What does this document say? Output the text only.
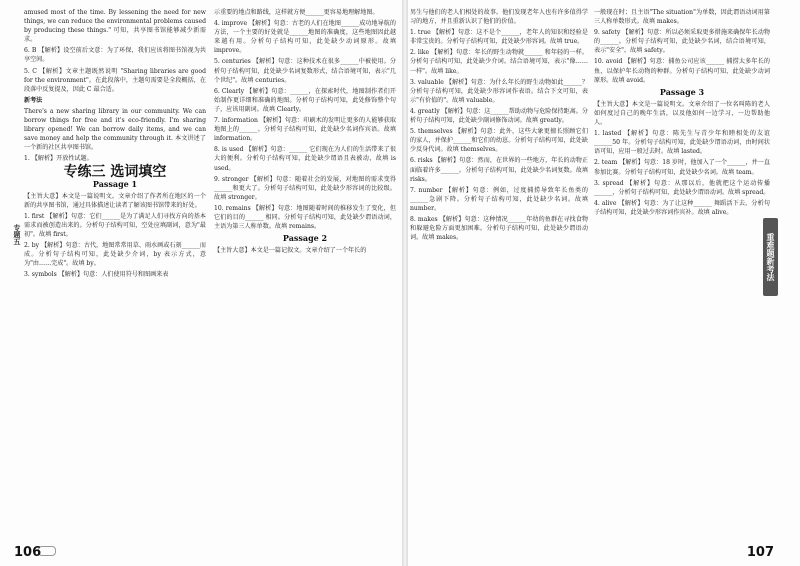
专题五

amused most of the time. By lessening the need for new things, we can reduce the environmental problems caused by producing these things." 可知，共享图书馆能够减少新需求。

6. B 【解析】设空前后文意：为了环保，我们应该将图书馆视为共享空间。

5. C 【解析】文章主题既然说明 "Sharing libraries are good for the environment"。在此段落中，主题句需要是全段概括，在段落中反复提及，因此 C 最合适。

新考法

There's a new sharing library in our community. We can borrow things for free and it's eco-friendly. I'm sharing library opened! We can borrow daily items, and we can save money and help the community through it. 本文讲述了一个新的社区共享图书馆。

1. 【解析】开放性试题。

专练三 选词填空
Passage 1

【主旨大意】本文是一篇说明文。文章介绍了作者所在地区的一个新的共享图书馆，通过具体描述让读者了解该图书馆带来的好处。

1. first 【解析】句意：它们______是为了满足人们寻找方向的基本需求而被创造出来的。分析句子结构可知，空处应填副词，意为"最初"。故填 first。

2. by 【解析】句意：古代，地图常常用草、雨水画或石刻______而成。分析句子结构可知，此处缺少介词，by 表示方式，意为"由……完成"。故填 by。

3. symbols 【解析】句意：人们使用符号和图画来表

示重要的地点和路线，这样就方便______更容易地理解地图。

4. improve 【解析】句意：古老的人们在地图______成功地导航的方法，一个主要的好处就是______地图的准确度，这些地图因此越来越有用。分析句子结构可知，此处缺少动词原形。故填 improve。

5. centuries 【解析】句意：这种技术在很多______中被使用。分析句子结构可知，此处缺少名词复数形式，结合语境可知，表示"几个世纪"。故填 centuries。

6. Clearly 【解析】句意：______，在探索时代，地图制作者们开始制作更详细和准确的地图。分析句子结构可知，此处修饰整个句子，应该用副词。故填 Clearly。

7. information 【解析】句意：印刷术的发明让更多的人能够获取地图上的______。分析句子结构可知，此处缺少名词作宾语。故填 information。

8. is used 【解析】句意：______ 它们现在为人们的生活带来了很大的便利。分析句子结构可知，此处缺少谓语且表被动，故填 is used。

9. stronger 【解析】句意：随着社会的发展，对地图的需求变得______和更大了。分析句子结构可知，此处缺少形容词的比较级。故填 stronger。

10. remains 【解析】句意：地图随着时间的推移发生了变化，但它们的目的______ 相同。分析句子结构可知，此处缺少谓语动词，主语为第三人称单数。故填 remains。

Passage 2

【主旨大意】本文是一篇记叙文。文章介绍了一个年长的

106

男生与他们的老人们相处的故事。他们发现老年人也有许多值得学习的地方，并且重新认识了他们的价值。

1. true 【解析】句意：这不是个______，老年人的知识和经验是非常宝贵的。分析句子结构可知，此处缺少形容词。故填 true。

2. like 【解析】句意：年长的野生动物就______ 和年轻的一样。分析句子结构可知，此处缺少介词。结合语境可知，表示"像……一样"。故填 like。

3. valuable 【解析】句意：为什么年长的野生动物如此______？分析句子结构可知，此处缺少形容词作表语。结合下文可知，表示"有价值的"。故填 valuable。

4. greatly 【解析】句意：这______帮助动物与危险保持距离。分析句子结构可知，此处缺少副词修饰动词。故填 greatly。

5. themselves 【解析】句意：此外，这些大象更擅长照顾它们的家人，并保护______和它们的幼崽。分析句子结构可知，此处缺少反身代词。故填 themselves。

6. risks 【解析】句意：然而，在世界的一些地方，年长的动物正面临着许多______。分析句子结构可知，此处缺少名词复数。故填 risks。

7. number 【解析】句意：例如，过度捕捞导致年长鱼类的______急剧下降。分析句子结构可知，此处缺少名词。故填 number。

8. makes 【解析】句意：这种情况______年幼的鱼群在寻找食物和躲避危险方面更加困难。分析句子结构可知，此处缺少谓语动词。故填 makes。

一般现在时；且主语"The situation"为单数，因此谓语动词用第三人称单数形式。故填 makes。

9. safety 【解析】句意：所以必须采取更多措施来确保年长动物的______。分析句子结构可知，此处缺少名词，结合语境可知，表示"安全"。故填 safety。

10. avoid 【解析】句意：捕鱼公司应该______ 捕捞太多年长的鱼，以保护年长动物的种群。分析句子结构可知，此处缺少动词原形。故填 avoid。

Passage 3

【主旨大意】本文是一篇说明文。文章介绍了一位名叫陈的老人如何度过自己的晚年生活，以及他如何一边学习，一边帮助他人。

1. lasted 【解析】句意：陈先生与青少年和睦相处的友谊______50 年。分析句子结构可知，此处缺少谓语动词，由时间状语可知，应用一般过去时。故填 lasted。

2. team 【解析】句意：18 岁时，他加入了一个______，并一直参加比赛。分析句子结构可知，此处缺少名词。故填 team。

3. spread 【解析】句意：从那以后，他就把这个运动传播______，分析句子结构可知，此处缺少谓语动词。故填 spread。

4. alive 【解析】句意：为了让这种______ 舞蹈活下去，分析句子结构可知，此处缺少形容词作宾补。故填 alive。

重难题新考法
107
